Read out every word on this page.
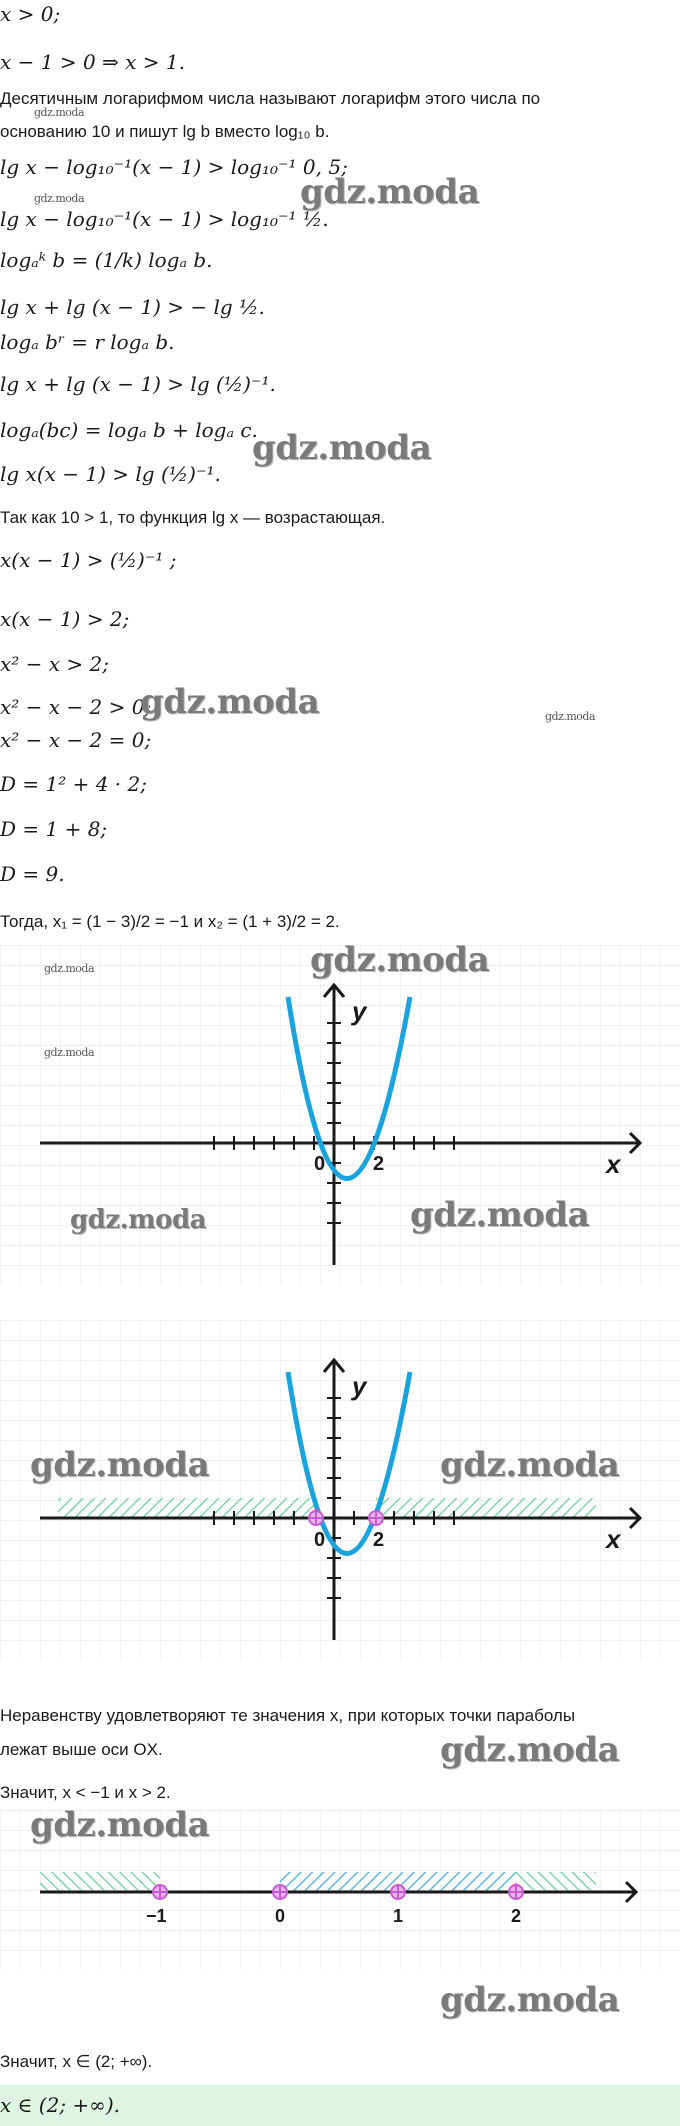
x > 0;
x − 1 > 0 ⇒ x > 1.
Десятичным логарифмом числа называют логарифм этого числа по
основанию 10 и пишут lg b вместо log₁₀ b.
lg x − log₁₀⁻¹(x − 1) > log₁₀⁻¹ 0, 5;
lg x − log₁₀⁻¹(x − 1) > log₁₀⁻¹ ½.
logₐᵏ b = (1/k) logₐ b.
lg x + lg (x − 1) > − lg ½.
logₐ bʳ = r logₐ b.
lg x + lg (x − 1) > lg (½)⁻¹.
logₐ(bc) = logₐ b + logₐ c.
lg x(x − 1) > lg (½)⁻¹.
Так как 10 > 1, то функция lg x — возрастающая.
x(x − 1) > (½)⁻¹ ;
x(x − 1) > 2;
x² − x > 2;
x² − x − 2 > 0;
x² − x − 2 = 0;
D = 1² + 4 · 2;
D = 1 + 8;
D = 9.
Тогда, x₁ = (1 − 3)/2 = −1 и x₂ = (1 + 3)/2 = 2.
y
x
0 2
y
x
0 2
Неравенству удовлетворяют те значения x, при которых точки параболы
лежат выше оси OX.
Значит, x < −1 и x > 2.
−1	0	1	2
Значит, x ∈ (2; +∞).
x ∈ (2; +∞).
gdz.moda
gdz.moda
gdz.moda
gdz.moda
gdz.moda	gdz.moda
gdz.moda	gdz.moda
gdz.moda
gdz.moda
gdz.moda
gdz.moda
gdz.moda
gdz.moda
gdz.moda
gdz.moda
